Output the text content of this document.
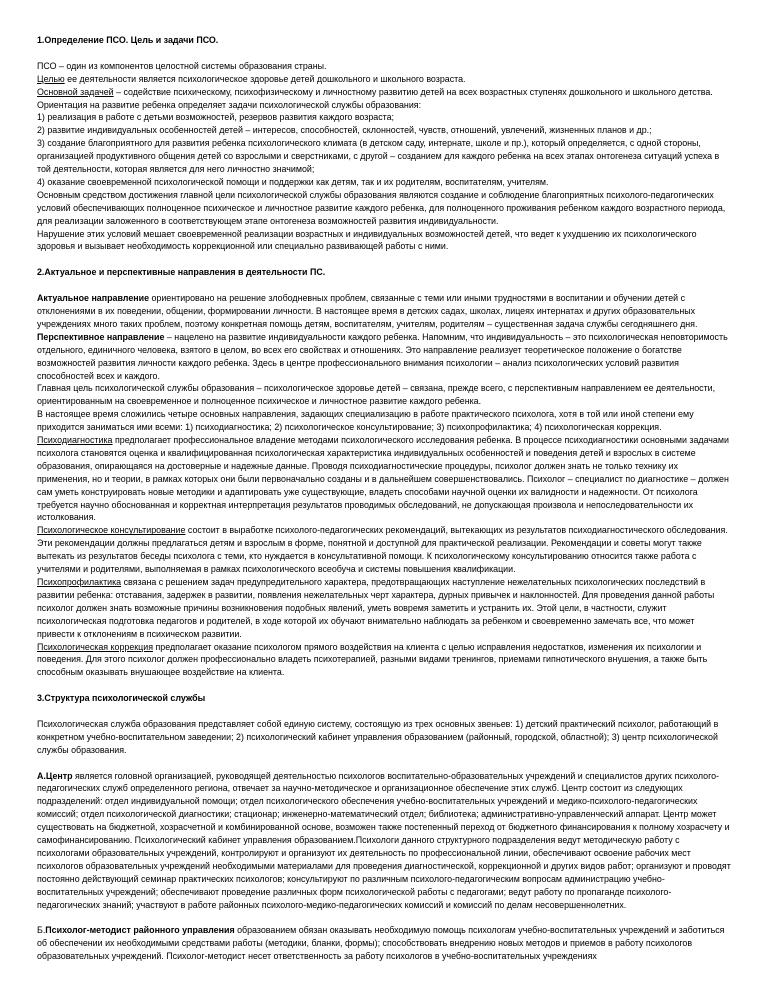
1.Определение ПСО. Цель и задачи ПСО.

ПСО – один из компонентов целостной системы образования страны.

Целью ее деятельности является психологическое здоровье детей дошкольного и школьного возраста.

Основной задачей – содействие психическому, психофизическому и личностному развитию детей на всех возрастных ступенях дошкольного и школьного детства.

Ориентация на развитие ребенка определяет задачи психологической службы образования:

1) реализация в работе с детьми возможностей, резервов развития каждого возраста;

2) развитие индивидуальных особенностей детей – интересов, способностей, склонностей, чувств, отношений, увлечений, жизненных планов и др.;

3) создание благоприятного для развития ребенка психологического климата (в детском саду, интернате, школе и пр.), который определяется, с одной стороны, организацией продуктивного общения детей со взрослыми и сверстниками, с другой – созданием для каждого ребенка на всех этапах онтогенеза ситуаций успеха в той деятельности, которая является для него личностно значимой;

4) оказание своевременной психологической помощи и поддержки как детям, так и их родителям, воспитателям, учителям.

Основным средством достижения главной цели психологической службы образования являются создание и соблюдение благоприятных психолого-педагогических условий обеспечивающих полноценное психическое и личностное развитие каждого ребенка, для полноценного проживания ребенком каждого возрастного периода, для реализации заложенного в соответствующем этапе онтогенеза возможностей развития индивидуальности.

Нарушение этих условий мешает своевременной реализации возрастных и индивидуальных возможностей детей, что ведет к ухудшению их психологического здоровья и вызывает необходимость коррекционной или специально развивающей работы с ними.

2.Актуальное и перспективные направления в деятельности ПС.

Актуальное направление ориентировано на решение злободневных проблем, связанные с теми или иными трудностями в воспитании и обучении детей с отклонениями в их поведении, общении, формировании личности. В настоящее время в детских садах, школах, лицеях интернатах и других образовательных учреждениях много таких проблем, поэтому конкретная помощь детям, воспитателям, учителям, родителям – существенная задача службы сегодняшнего дня.

Перспективное направление – нацелено на развитие индивидуальности каждого ребенка. Напомним, что индивидуальность – это психологическая неповторимость отдельного, единичного человека, взятого в целом, во всех его свойствах и отношениях. Это направление реализует теоретическое положение о богатстве возможностей развития личности каждого ребенка. Здесь в центре профессионального внимания психологии – анализ психологических условий развития способностей всех и каждого.

Главная цель психологической службы образования – психологическое здоровье детей – связана, прежде всего, с перспективным направлением ее деятельности, ориентированным на своевременное и полноценное психическое и личностное развитие каждого ребенка.

В настоящее время сложились четыре основных направления, задающих специализацию в работе практического психолога, хотя в той или иной степени ему приходится заниматься ими всеми: 1) психодиагностика; 2) психологическое консультирование; 3) психопрофилактика; 4) психологическая коррекция.

Психодиагностика предполагает профессиональное владение методами психологического исследования ребенка. В процессе психодиагностики основными задачами психолога становятся оценка и квалифицированная психологическая характеристика индивидуальных особенностей и поведения детей и взрослых в системе образования, опирающаяся на достоверные и надежные данные. Проводя психодиагностические процедуры, психолог должен знать не только технику их применения, но и теории, в рамках которых они были первоначально созданы и в дальнейшем совершенствовались. Психолог – специалист по диагностике – должен сам уметь конструировать новые методики и адаптировать уже существующие, владеть способами научной оценки их валидности и надежности. От психолога требуется научно обоснованная и корректная интерпретация результатов проводимых обследований, не допускающая произвола и непоследовательности их истолкования.

Психологическое консультирование состоит в выработке психолого-педагогических рекомендаций, вытекающих из результатов психодиагностического обследования. Эти рекомендации должны предлагаться детям и взрослым в форме, понятной и доступной для практической реализации. Рекомендации и советы могут также вытекать из результатов беседы психолога с теми, кто нуждается в консультативной помощи. К психологическому консультированию относится также работа с учителями и родителями, выполняемая в рамках психологического всеобуча и системы повышения квалификации.

Психопрофилактика связана с решением задач предупредительного характера, предотвращающих наступление нежелательных психологических последствий в развитии ребенка: отставания, задержек в развитии, появления нежелательных черт характера, дурных привычек и наклонностей. Для проведения данной работы психолог должен знать возможные причины возникновения подобных явлений, уметь вовремя заметить и устранить их. Этой цели, в частности, служит психологическая подготовка педагогов и родителей, в ходе которой их обучают внимательно наблюдать за ребенком и своевременно замечать все, что может привести к отклонениям в психическом развитии.

Психологическая коррекция предполагает оказание психологом прямого воздействия на клиента с целью исправления недостатков, изменения их психологии и поведения. Для этого психолог должен профессионально владеть психотерапией, разными видами тренингов, приемами гипнотического внушения, а также быть способным оказывать внушающее воздействие на клиента.

3.Структура психологической службы

Психологическая служба образования представляет собой единую систему, состоящую из трех основных звеньев: 1) детский практический психолог, работающий в конкретном учебно-воспитательном заведении; 2) психологический кабинет управления образованием (районный, городской, областной); 3) центр психологической службы образования.

А.Центр является головной организацией, руководящей деятельностью психологов воспитательно-образовательных учреждений и специалистов других психолого-педагогических служб определенного региона, отвечает за научно-методическое и организационное обеспечение этих служб. Центр состоит из следующих подразделений: отдел индивидуальной помощи; отдел психологического обеспечения учебно-воспитательных учреждений и медико-психолого-педагогических комиссий; отдел психологической диагностики; стационар; инженерно-математический отдел; библиотека; административно-управленческий аппарат. Центр может существовать на бюджетной, хозрасчетной и комбинированной основе, возможен также постепенный переход от бюджетного финансирования к полному хозрасчету и самофинансированию. Психологический кабинет управления образованием.Психологи данного структурного подразделения ведут методическую работу с психологами образовательных учреждений, контролируют и организуют их деятельность по профессиональной линии, обеспечивают освоение рабочих мест психологов образовательных учреждений необходимыми материалами для проведения диагностической, коррекционной и других видов работ; организуют и проводят постоянно действующий семинар практических психологов; консультируют по различным психолого-педагогическим вопросам администрацию учебно-воспитательных учреждений; обеспечивают проведение различных форм психологической работы с педагогами; ведут работу по пропаганде психолого-педагогических знаний; участвуют в работе районных психолого-медико-педагогических комиссий и комиссий по делам несовершеннолетних.

Б.Психолог-методист районного управления образованием обязан оказывать необходимую помощь психологам учебно-воспитательных учреждений и заботиться об обеспечении их необходимыми средствами работы (методики, бланки, формы); способствовать внедрению новых методов и приемов в работу психологов образовательных учреждений. Психолог-методист несет ответственность за работу психологов в учебно-воспитательных учреждениях
